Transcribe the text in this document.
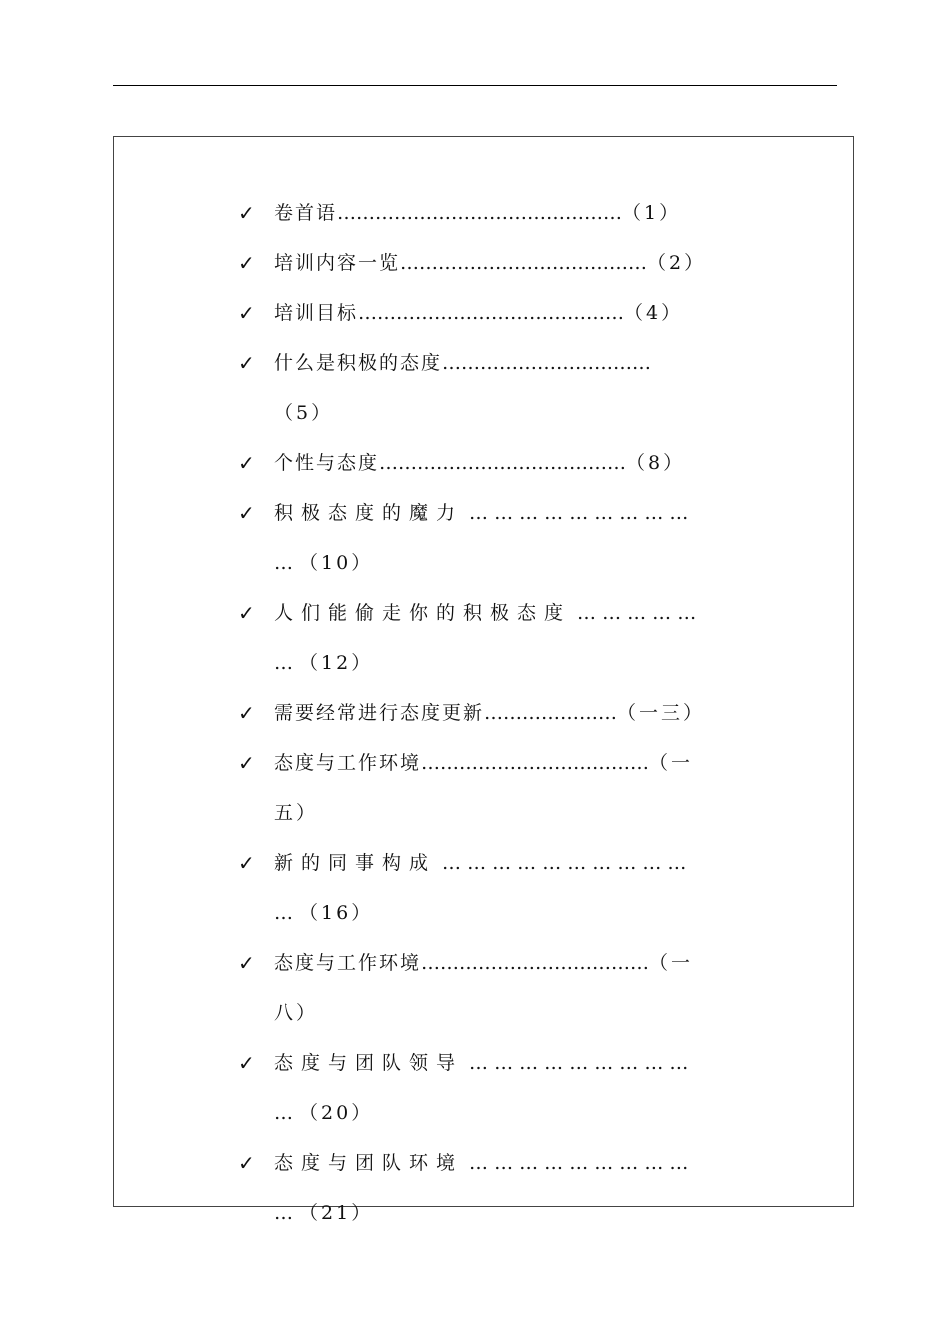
✓ 卷首语………………………………………（1）
✓ 培训内容一览…………………………………（2）
✓ 培训目标……………………………………（4）
✓ 什么是积极的态度……………………………（5）
✓ 个性与态度…………………………………（8）
✓ 积极态度的魔力 … … … … … … … … … … （10）
✓ 人们能偷走你的积极态度 … … … … … … （12）
✓ 需要经常进行态度更新…………………（一三）
✓ 态度与工作环境………………………………（一五）
✓ 新的同事构成 … … … … … … … … … … … （16）
✓ 态度与工作环境………………………………（一八）
✓ 态度与团队领导 … … … … … … … … … … （20）
✓ 态度与团队环境 … … … … … … … … … … （21）
